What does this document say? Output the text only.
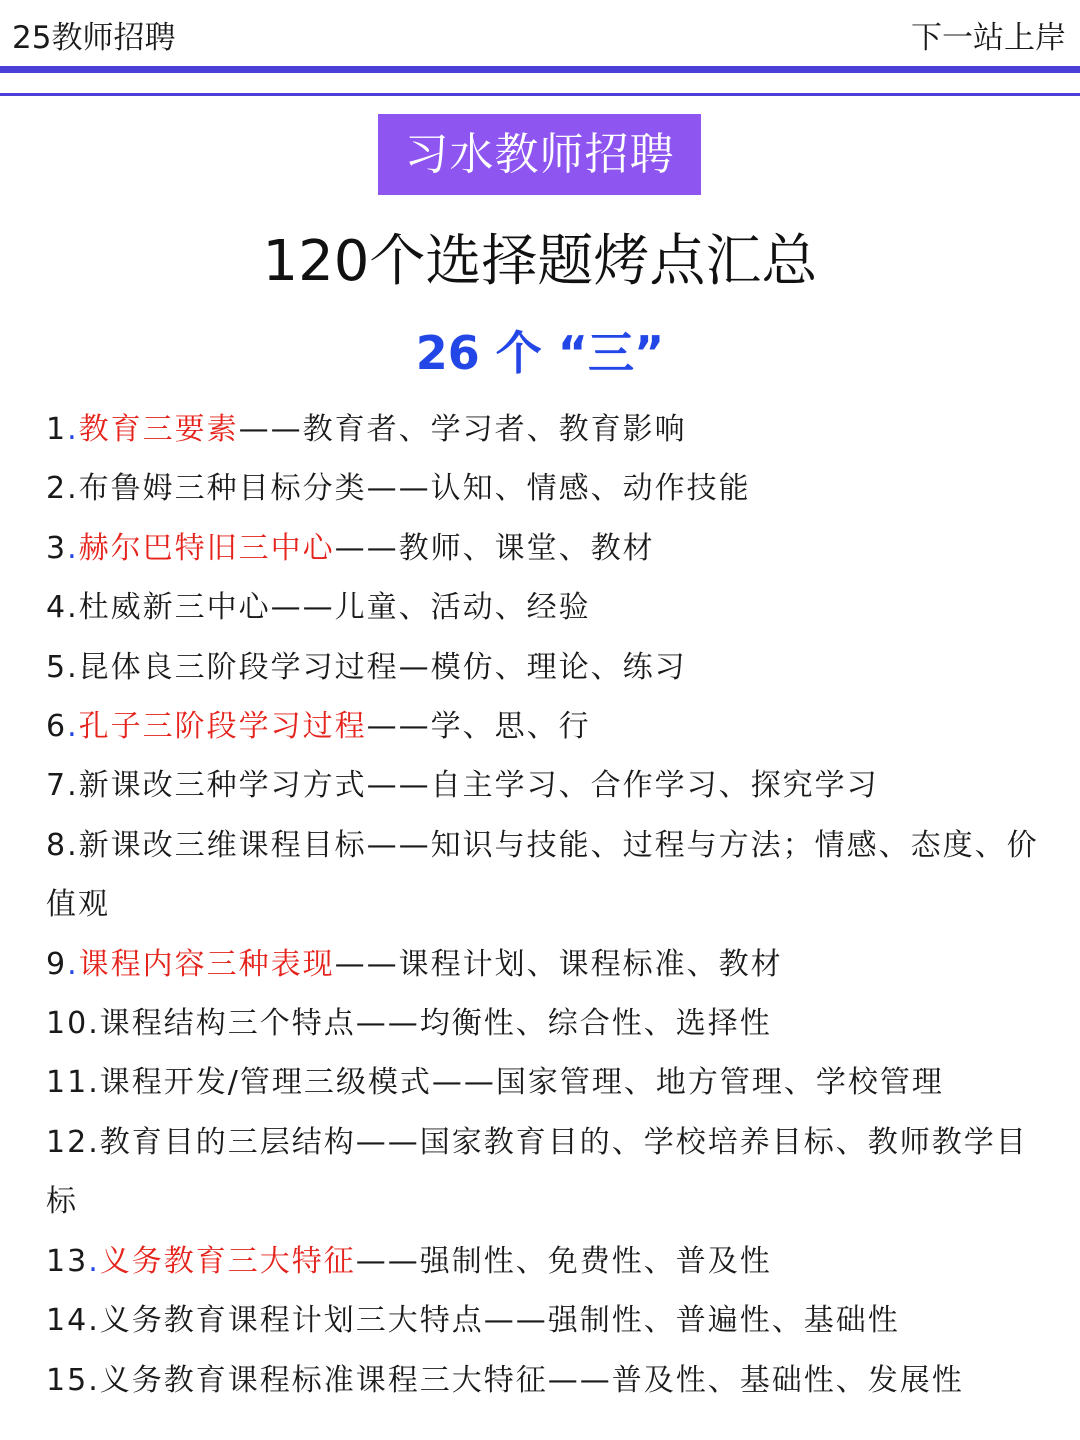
25教师招聘	下一站上岸
习水教师招聘
120个选择题烤点汇总
26 个 “三”
1.教育三要素——教育者、学习者、教育影响
2.布鲁姆三种目标分类——认知、情感、动作技能
3.赫尔巴特旧三中心——教师、课堂、教材
4.杜威新三中心——儿童、活动、经验
5.昆体良三阶段学习过程—模仿、理论、练习
6.孔子三阶段学习过程——学、思、行
7.新课改三种学习方式——自主学习、合作学习、探究学习
8.新课改三维课程目标——知识与技能、过程与方法；情感、态度、价值观
9.课程内容三种表现——课程计划、课程标准、教材
10.课程结构三个特点——均衡性、综合性、选择性
11.课程开发/管理三级模式——国家管理、地方管理、学校管理
12.教育目的三层结构——国家教育目的、学校培养目标、教师教学目标
13.义务教育三大特征——强制性、免费性、普及性
14.义务教育课程计划三大特点——强制性、普遍性、基础性
15.义务教育课程标准课程三大特征——普及性、基础性、发展性
